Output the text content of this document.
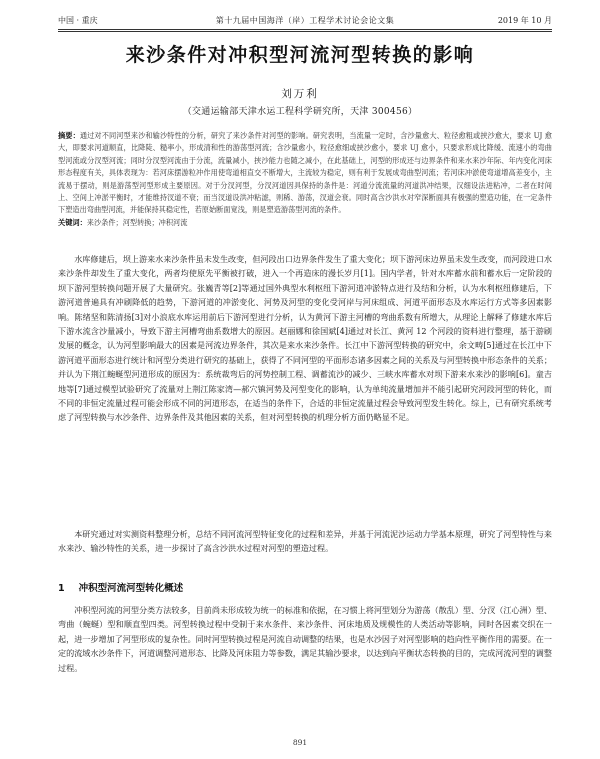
中国 · 重庆	第十九届中国海洋（岸）工程学术讨论会论文集	2019 年 10 月
来沙条件对冲积型河流河型转换的影响
刘万利
（交通运输部天津水运工程科学研究所，天津 300456）
摘要：通过对不同河型来沙和输沙特性的分析，研究了来沙条件对河型的影响。研究表明，当流量一定时，含沙量愈大、粒径愈粗或挟沙愈大，要求 UJ 愈大，即要求河道顺直，比降陡、糙率小，形成清和性的游荡型河流；含沙量愈小，粒径愈细或挟沙愈小，要求 UJ 愈小，只要求形成比降缓、流速小的弯曲型河流或分汊型河流；同时分汊型河流由于分流，流量减小，挟沙能力也随之减小，在此基础上，河型的形成还与边界条件和来水来沙年际、年内变化河床形态程度有关，具体表现为：若河床摆游粒冲作用使弯道相直交不断增大，主流较为稳定，则有利于发展成弯曲型河流；若河床冲淤使弯道增高差变小，主流易于摆动，则是游荡型河型形成主要原因。对于分汊河型，分汊河道因具保持的条件是：河道分流流量的河道洪冲结果，汉细设法进粘冲，二者在时间上、空间上冲淤平衡时，才能维持汊道不衰；而当汊道设洪冲粘滤，则稀、游荡，汊道会衰。同时高含沙洪水对窄深断面具有极强的塑造功能，在一定条件下塑造出弯曲型河流，并能保持其稳定性，若原始断面宽浅，则是塑造游荡型河流的条件。
关键词：来沙条件；河型转换；冲积河流
水库修建后，坝上游来水来沙条件虽未发生改变，但河段出口边界条件发生了重大变化；坝下游河床边界虽未发生改变，而河段进口水来沙条件却发生了重大变化，两者均使原先平衡被打破，进入一个再造床的漫长岁月[1]。国内学者，针对水库蓄水前和蓄水后一定阶段的坝下游河型转换问题开展了大量研究。张巍青等[2]等通过国外典型水利枢纽下游河道冲淤特点进行及结和分析，认为水利枢纽修建后，下游河道普遍具有冲刷降低的趋势，下游河道的冲淤变化、河势及河型的变化受河岸与河床组成、河道平面形态及水库运行方式等多因素影响。陈绪坚和陈清扬[3]对小浪底水库运用前后下游河型进行分析，认为黄河下游主河槽的弯曲系数有所增大，从理论上解释了修建水库后下游水流含沙量减小，导致下游主河槽弯曲系数增大的原因。赵丽娜和徐国斌[4]通过对长江、黄河 12 个河段的资料进行整理，基于游刷发展的概念，认为河型影响最大的因素是河流边界条件，其次是来水来沙条件。长江中下游河型转换的研究中，余文畴[5]通过在长江中下游河道平面形态进行统计和河型分类进行研究的基础上，获得了不同河型的平面形态诸多因素之间的关系及与河型转换中形态条件的关系；并认为下荆江蜿蜒型河道形成的原因为：系统裁弯后的河势控制工程、调蓄流沙的减少、三峡水库蓄水对坝下游来水来沙的影响[6]。童吉地等[7]通过模型试验研究了流量对上荆江陈家湾—郝穴镇河势及河型变化的影响，认为单纯流量增加并不能引起研究河段河型的转化，而不同的非恒定流量过程可能会形成不同的河道形态，在适当的条件下，合适的非恒定流量过程会导致河型发生转化。综上，已有研究系统考虑了河型转换与水沙条件、边界条件及其他因素的关系，但对河型转换的机理分析方面仍略显不足。
本研究通过对实测资料整理分析，总结不同河流河型特征变化的过程和差异，并基于河流泥沙运动力学基本原理，研究了河型特性与来水来沙、输沙特性的关系，进一步探讨了高含沙洪水过程对河型的塑造过程。
1 冲积型河流河型转化概述
冲积型河流的河型分类方法较多，目前尚未形成较为统一的标准和依据，在习惯上将河型划分为游荡（散乱）型、分汊（江心洲）型、弯曲（蜿蜒）型和顺直型四类。河型转换过程中受制于来水条件、来沙条件、河床地质及规模性的人类活动等影响，同时各因素交织在一起，进一步增加了河型形成的复杂性。同时河型转换过程是河流自动调整的结果，也是水沙因子对河型影响的趋向性平衡作用的需要。在一定的流域水沙条件下，河道调整河道形态、比降及河床阻力等参数，满足其输沙要求，以达到向平衡状态转换的目的，完成河流河型的调整过程。
891
